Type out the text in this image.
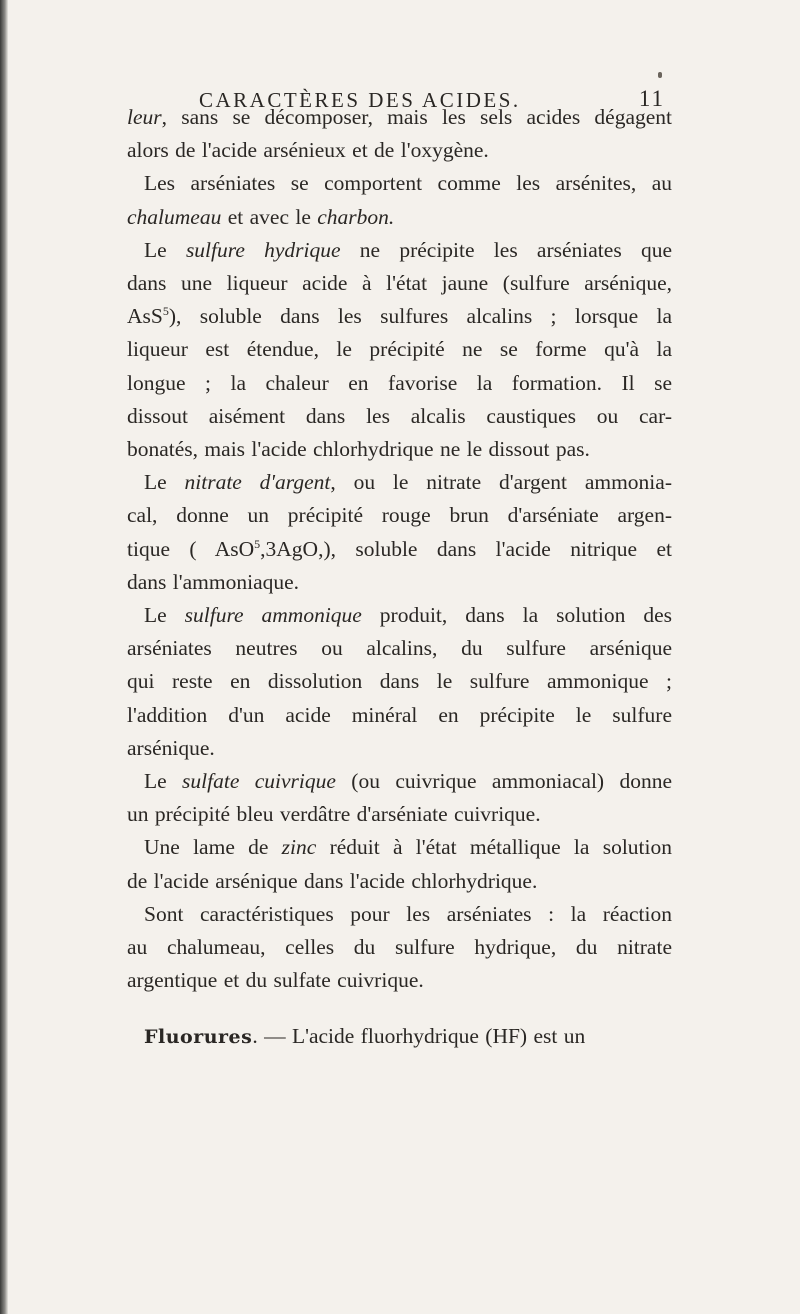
CARACTÈRES DES ACIDES.	11

leur, sans se décomposer, mais les sels acides dégagent
alors de l'acide arsénieux et de l'oxygène.

Les arséniates se comportent comme les arsénites, au
chalumeau et avec le charbon.

Le sulfure hydrique ne précipite les arséniates que
dans une liqueur acide à l'état jaune (sulfure arsénique,
AsS$^5$), soluble dans les sulfures alcalins ; lorsque la
liqueur est étendue, le précipité ne se forme qu'à la
longue ; la chaleur en favorise la formation. Il se
dissout aisément dans les alcalis caustiques ou car-
bonatés, mais l'acide chlorhydrique ne le dissout pas.

Le nitrate d'argent, ou le nitrate d'argent ammonia-
cal, donne un précipité rouge brun d'arséniate argen-
tique ( AsO$^5$,3AgO,), soluble dans l'acide nitrique et
dans l'ammoniaque.

Le sulfure ammonique produit, dans la solution des
arséniates neutres ou alcalins, du sulfure arsénique
qui reste en dissolution dans le sulfure ammonique ;
l'addition d'un acide minéral en précipite le sulfure
arsénique.

Le sulfate cuivrique (ou cuivrique ammoniacal) donne
un précipité bleu verdâtre d'arséniate cuivrique.

Une lame de zinc réduit à l'état métallique la solution
de l'acide arsénique dans l'acide chlorhydrique.

Sont caractéristiques pour les arséniates : la réaction
au chalumeau, celles du sulfure hydrique, du nitrate
argentique et du sulfate cuivrique.

Fluorures. — L'acide fluorhydrique (HF) est un
